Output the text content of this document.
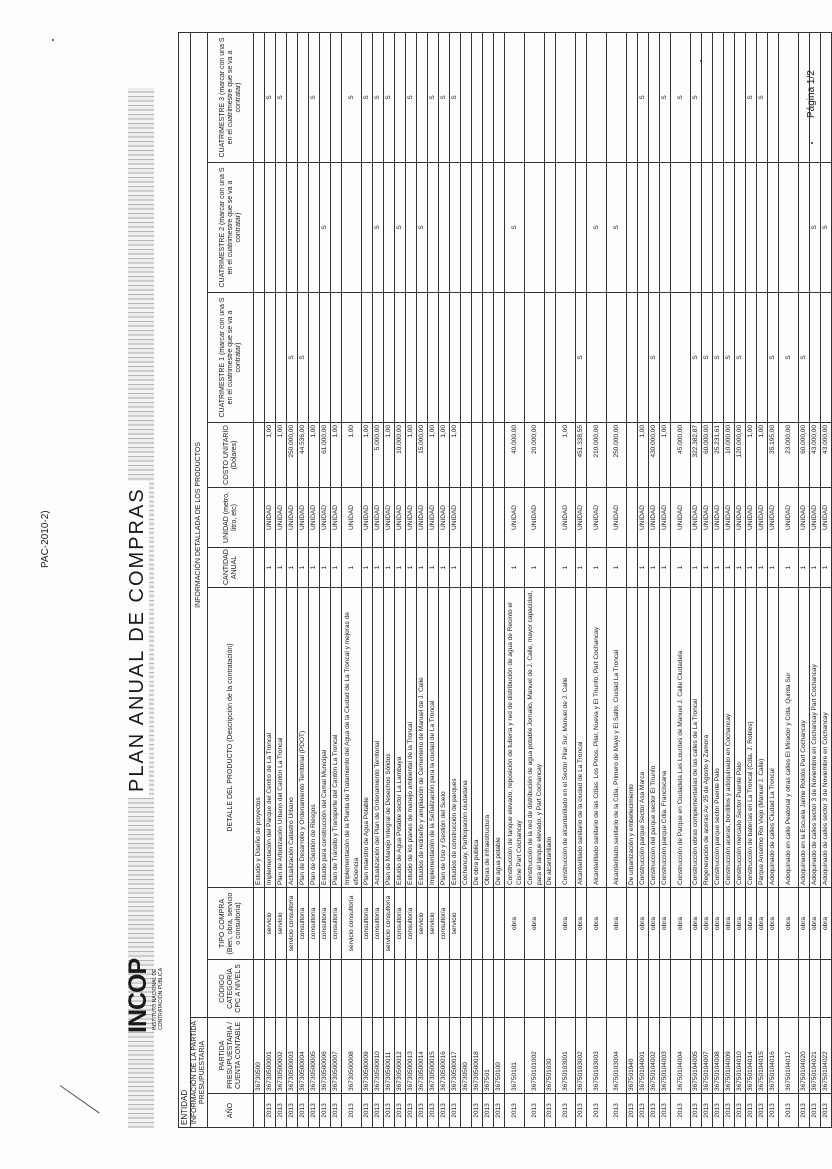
INCOP INSTITUTO NACIONAL DE CONTRATACIÓN PÚBLICA
PLAN ANUAL DE COMPRAS
PAC-2010-2)
ENTIDAD										
INFORMACIÓN DE LA PARTIDA PRESUPUESTARIA		INFORMACIÓN DETALLADA DE LOS PRODUCTOS								
AÑO	PARTIDA PRESUPUESTARIA / CUENTA CONTABLE	CÓDIGO CATEGORÍA CPC A NIVEL 5	TIPO COMPRA (Bien, obra, servicio o consultoría)	DETALLE DEL PRODUCTO (Descripción de la contratación)	CANTIDAD ANUAL	UNIDAD (metro, litro, etc)	COSTO UNITARIO (Dólares)	CUATRIMESTRE 1 (marcar con una S en el cuatrimestre que se va a contratar)	CUATRIMESTRE 2 (marcar con una S en el cuatrimestre que se va a contratar)	CUATRIMESTRE 3 (marcar con una S en el cuatrimestre que se va a contratar)
	36730500			Estudio y Diseño de proyectos						
2013	36730500001		servicio	Implementación del Parque del Centro de La Troncal	1	UNIDAD	1,00			S
2013	36730500002		servicio	Plan de Arbolización Urbano del Cantón La Troncal	1	UNIDAD	1,00			S
2013	36730500003		servicio consultoría	Actualización Catastro Urbano	1	UNIDAD	250.000,00	S		
2013	36730500004		consultoría	Plan de Desarrollo y Ordenamiento Territorial (PDOT)	1	UNIDAD	44.536,00	S		
2013	36730500005		consultoría	Plan de Gestión de Riesgos	1	UNIDAD	1,00			S
2013	36730500006		consultoría	Estudio para construcción del Camal Municipal	1	UNIDAD	61.000,00		S	
2013	36730500007		consultoría	Plan de Tránsito y Transporte del Cantón La Troncal	1	UNIDAD	1,00			
2013	36730500008		servicio consultoría	Implementación de la Planta de Tratamiento del Agua de la Ciudad de La Troncal y mejoras de eficiencia	1	UNIDAD	1,00			S
2013	36730500009		consultoría	Plan maestro de Agua Potable	1	UNIDAD	1,00			S
2013	36730500010		consultoría	Actualización del Plan de Ordenamiento Territorial	1	UNIDAD	5.000,00		S	S
2013	36730500011		servicio consultoría	Plan de Manejo Integral de Desechos Sólidos	1	UNIDAD	1,00			S
2013	36730500012		consultoría	Estudio de Agua Potable sector La Lambaya	1	UNIDAD	10.000,00		S	
2013	36730500013		consultoría	Estudio de los planes de manejo ambiental de la Troncal	1	UNIDAD	1,00			S
2013	36730500014		servicio	Estudios de rediseño y ampliación de Cementerio de Manuel de J. Calle	1	UNIDAD	15.000,00		S	
2013	36730500015		servicio	Implementación de la Señalización para la ciudad de La Troncal	1	UNIDAD	1,00			S
2013	36730500016		consultoría	Plan de Uso y Gestión del Suelo	1	UNIDAD	1,00			S
2013	36730500017		servicio	Estudios de construcción de parques	1	UNIDAD	1,00			S
	36730500			Cochancay, Participación ciudadana						
2013	36730500018			De obra pública						
2013	367501			Obras de infraestructura						
2013	36750100			De agua potable						
2013	36750101		obra	Construcción de tanque elevado, reposición de tubería y red de distribución de agua de Recinto el Cisne Part Cochancay	1	UNIDAD	40.000,00		S	
2013	36750101002		obra	Construcción de la red de distribución de agua potable Jornalio, Manuel de J. Calle, mayor capacidad, para el tanque elevado, y Part Cochancay	1	UNIDAD	20.000,00			
2013	367501030			De alcantarillado						
2013	36750103001		obra	Construcción de alcantarillado en el Sector Pilar Sur, Manuel de J. Calle	1	UNIDAD	1,00			
2013	36750103002		obra	Alcantarillado sanitario de la ciudad de La Troncal	1	UNIDAD	451.338,55	S		
2013	36750103003		obra	Alcantarillado sanitario de las Cdlas. Los Pinos, Pilar, Nueva y El Triunfo, Part Cochancay	1	UNIDAD	210.000,00		S	
2013	36750103004		obra	Alcantarillado sanitario de la Cdla. Primero de Mayo y El Salto, Ciudad La Troncal	1	UNIDAD	250.000,00		S	
2013	367501040			De urbanización y embellecimiento						
2013	36750104001		obra	Construcción parque Sector Asa Marca	1	UNIDAD	1,00			S
2013	36750104002		obra	Construcción del parque sector El Triunfo	1	UNIDAD	430.000,00	S		
2013	36750104003		obra	Construcción parque Cdla. Franciscana	1	UNIDAD	1,00			S
2013	36750104004		obra	Construcción de Parque en Ciudadela Las Lourdes de Manuel J. Calle Ciudadela	1	UNIDAD	45.000,00			S
2013	36750104005		obra	Construcción obras complementarias de las calles de La Troncal	1	UNIDAD	322.382,87	S		S
2013	36750104007		obra	Regeneración de aceras Av. 25 de Agosto y Zamora	1	UNIDAD	60.000,00	S		
2013	36750104008		obra	Construcción parque sector Puente Palo	1	UNIDAD	25.231,61	S		
2013	36750104009		obra	Construcción aceras, bordillos y adoquinado en Cochancay	1	UNIDAD	10.000,00	S		
2013	36750104010		obra	Construcción mercado Sector Puente Palo	1	UNIDAD	120.000,00	S		
2013	36750104014		obra	Construcción de baterías en La Troncal (Cdla. J. Robles)	1	UNIDAD	1,00			S
2013	36750104015		obra	Parque Anselmo Rio Viejo (Manuel J. Calle)	1	UNIDAD	1,00			S
2013	36750104016		obra	Adoquinado de calles Ciudad La Troncal	1	UNIDAD	35.195,00	S		
2013	36750104017		obra	Adoquinado en calle Peatonal y otras calles El Mirador y Cdla. Quinta Sur	1	UNIDAD	23.000,00	S		
2013	36750104020		obra	Adoquinado en la Escuela Jaime Roldós Part Cochancay	1	UNIDAD	60.000,00	S		
2013	36750104021		obra	Adoquinado de calles sector 3 de Noviembre en Cochancay Part Cochancay	1	UNIDAD	43.000,00		S	
2013	36750104022		obra	Adoquinado de calles sector 3 de Noviembre en Cochancay	1	UNIDAD	43.000,00		S	
Página 1/2
